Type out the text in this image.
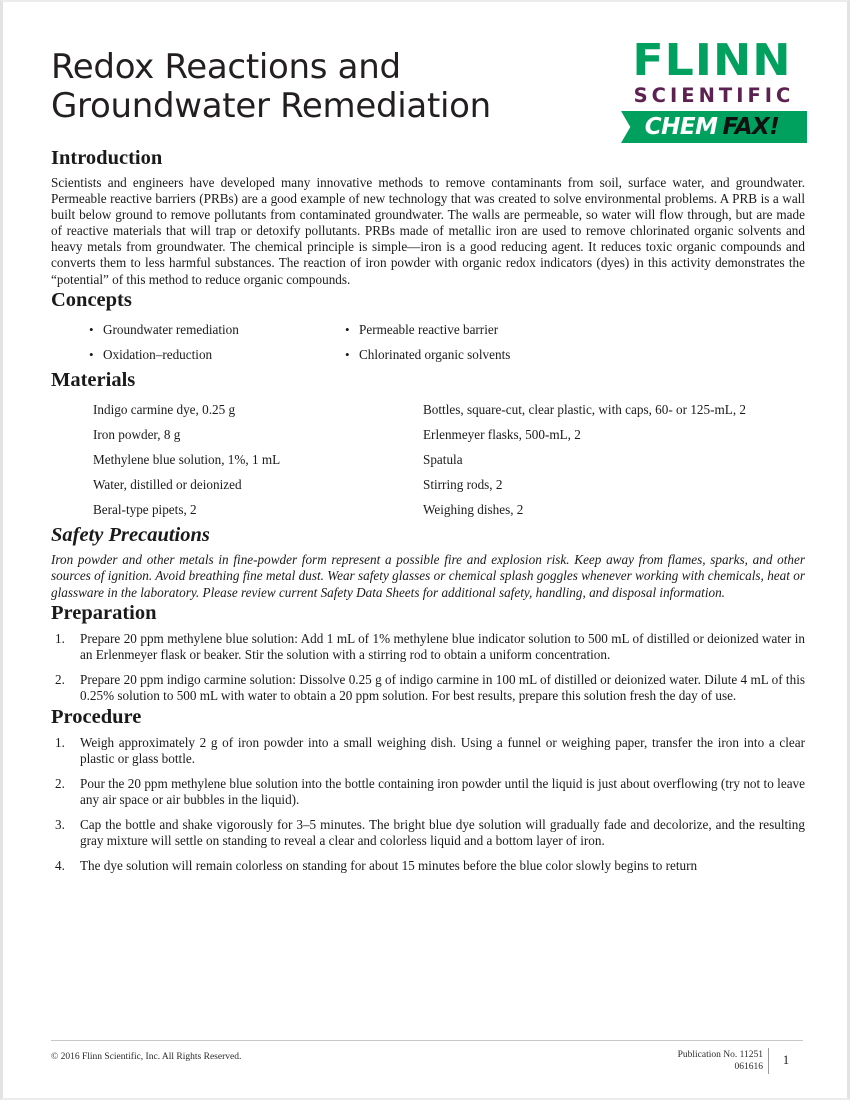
Redox Reactions and
Groundwater Remediation
FLINN
SCIENTIFIC
CHEM FAX!
Introduction

Scientists and engineers have developed many innovative methods to remove contaminants from soil, surface water, and groundwater. Permeable reactive barriers (PRBs) are a good example of new technology that was created to solve environmental problems. A PRB is a wall built below ground to remove pollutants from contaminated groundwater. The walls are permeable, so water will flow through, but are made of reactive materials that will trap or detoxify pollutants. PRBs made of metallic iron are used to remove chlorinated organic solvents and heavy metals from groundwater. The chemical principle is simple—iron is a good reducing agent. It reduces toxic organic compounds and converts them to less harmful substances. The reaction of iron powder with organic redox indicators (dyes) in this activity demonstrates the “potential” of this method to reduce organic compounds.

Concepts
• Groundwater remediation
• Oxidation–reduction
• Permeable reactive barrier
• Chlorinated organic solvents
Materials
Indigo carmine dye, 0.25 g
Iron powder, 8 g
Methylene blue solution, 1%, 1 mL
Water, distilled or deionized
Beral-type pipets, 2
Bottles, square-cut, clear plastic, with caps, 60- or 125-mL, 2
Erlenmeyer flasks, 500-mL, 2
Spatula
Stirring rods, 2
Weighing dishes, 2
Safety Precautions

Iron powder and other metals in fine-powder form represent a possible fire and explosion risk. Keep away from flames, sparks, and other sources of ignition. Avoid breathing fine metal dust. Wear safety glasses or chemical splash goggles whenever working with chemicals, heat or glassware in the laboratory. Please review current Safety Data Sheets for additional safety, handling, and disposal information.

Preparation
Prepare 20 ppm methylene blue solution: Add 1 mL of 1% methylene blue indicator solution to 500 mL of distilled or deionized water in an Erlenmeyer flask or beaker. Stir the solution with a stirring rod to obtain a uniform concentration.
Prepare 20 ppm indigo carmine solution: Dissolve 0.25 g of indigo carmine in 100 mL of distilled or deionized water. Dilute 4 mL of this 0.25% solution to 500 mL with water to obtain a 20 ppm solution. For best results, prepare this solution fresh the day of use.
Procedure
Weigh approximately 2 g of iron powder into a small weighing dish. Using a funnel or weighing paper, transfer the iron into a clear plastic or glass bottle.
Pour the 20 ppm methylene blue solution into the bottle containing iron powder until the liquid is just about overflowing (try not to leave any air space or air bubbles in the liquid).
Cap the bottle and shake vigorously for 3–5 minutes. The bright blue dye solution will gradually fade and decolorize, and the resulting gray mixture will settle on standing to reveal a clear and colorless liquid and a bottom layer of iron.
The dye solution will remain colorless on standing for about 15 minutes before the blue color slowly begins to return
© 2016 Flinn Scientific, Inc. All Rights Reserved.	Publication No. 11251
061616	1
